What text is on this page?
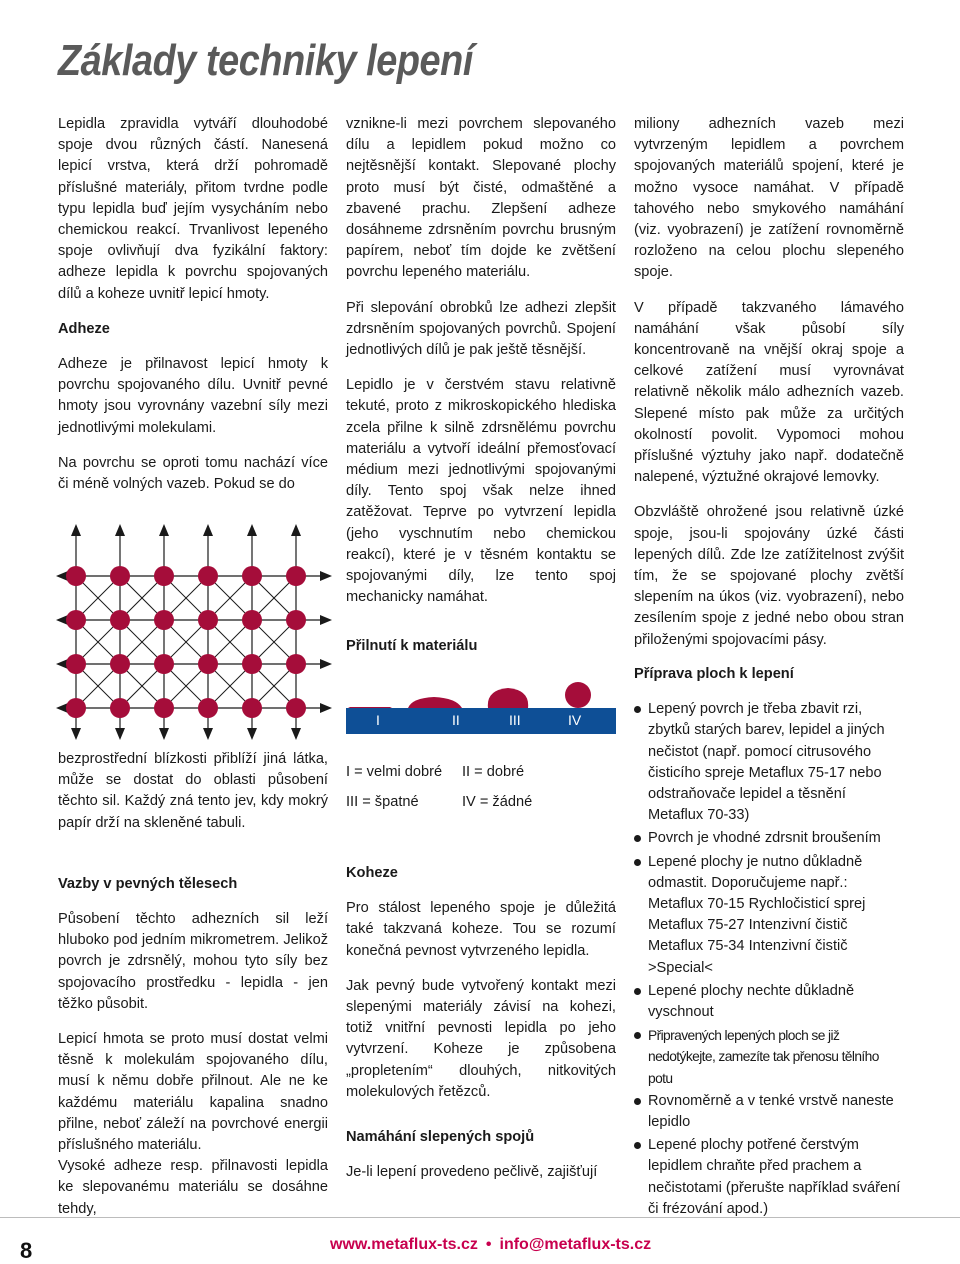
Základy techniky lepení

Lepidla zpravidla vytváří dlouhodobé spoje dvou různých částí. Nanesená lepicí vrstva, která drží pohromadě příslušné materiály, přitom tvrdne podle typu lepidla buď jejím vysycháním nebo chemickou reakcí. Trvanlivost lepeného spoje ovlivňují dva fyzikální faktory: adheze lepidla k povrchu spojovaných dílů a koheze uvnitř lepicí hmoty.

Adheze

Adheze je přilnavost lepicí hmoty k povrchu spojovaného dílu. Uvnitř pevné hmoty jsou vyrovnány vazební síly mezi jednotlivými molekulami.

Na povrchu se oproti tomu nachází více či méně volných vazeb. Pokud se do

bezprostřední blízkosti přiblíží jiná látka, může se dostat do oblasti působení těchto sil. Každý zná tento jev, kdy mokrý papír drží na skleněné tabuli.

Vazby v pevných tělesech

Působení těchto adhezních sil leží hluboko pod jedním mikrometrem. Jelikož povrch je zdrsnělý, mohou tyto síly bez spojovacího prostředku - lepidla - jen těžko působit.

Lepicí hmota se proto musí dostat velmi těsně k molekulám spojovaného dílu, musí k němu dobře přilnout. Ale ne ke každému materiálu kapalina snadno přilne, neboť záleží na povrchové energii příslušného materiálu.

Vysoké adheze resp. přilnavosti lepidla ke slepovanému materiálu se dosáhne tehdy,

vznikne-li mezi povrchem slepovaného dílu a lepidlem pokud možno co nejtěsnější kontakt. Slepované plochy proto musí být čisté, odmaštěné a zbavené prachu. Zlepšení adheze dosáhneme zdrsněním povrchu brusným papírem, neboť tím dojde ke zvětšení povrchu lepeného materiálu.

Při slepování obrobků lze adhezi zlepšit zdrsněním spojovaných povrchů. Spojení jednotlivých dílů je pak ještě těsnější.

Lepidlo je v čerstvém stavu relativně tekuté, proto z mikroskopického hlediska zcela přilne k silně zdrsnělému povrchu materiálu a vytvoří ideální přemosťovací médium mezi jednotlivými spojovanými díly. Tento spoj však nelze ihned zatěžovat. Teprve po vytvrzení lepidla (jeho vyschnutím nebo chemickou reakcí), které je v těsném kontaktu se spojovanými díly, lze tento spoj mechanicky namáhat.

Přilnutí k materiálu
I	II	III	IV
I = velmi dobré II = dobré
III = špatné	IV = žádné
Koheze

Pro stálost lepeného spoje je důležitá také takzvaná koheze. Tou se rozumí konečná pevnost vytvrzeného lepidla.

Jak pevný bude vytvořený kontakt mezi slepenými materiály závisí na kohezi, totiž vnitřní pevnosti lepidla po jeho vytvrzení. Koheze je způsobena „propletením“ dlouhých, nitkovitých molekulových řetězců.

Namáhání slepených spojů

Je-li lepení provedeno pečlivě, zajišťují

miliony adhezních vazeb mezi vytvrzeným lepidlem a povrchem spojovaných materiálů spojení, které je možno vysoce namáhat. V případě tahového nebo smykového namáhání (viz. vyobrazení) je zatížení rovnoměrně rozloženo na celou plochu slepeného spoje.

V případě takzvaného lámavého namáhání však působí síly koncentrovaně na vnější okraj spoje a celkové zatížení musí vyrovnávat relativně několik málo adhezních vazeb. Slepené místo pak může za určitých okolností povolit. Vypomoci mohou příslušné výztuhy jako např. dodatečně nalepené, výztužné okrajové lemovky.

Obzvláště ohrožené jsou relativně úzké spoje, jsou-li spojovány úzké části lepených dílů. Zde lze zatížitelnost zvýšit tím, že se spojované plochy zvětší slepením na úkos (viz. vyobrazení), nebo zesílením spoje z jedné nebo obou stran přiloženými spojovacími pásy.

Příprava ploch k lepení
Lepený povrch je třeba zbavit rzi, zbytků starých barev, lepidel a jiných nečistot (např. pomocí citrusového čisticího spreje Metaflux 75-17 nebo odstraňovače lepidel a těsnění Metaflux 70-33)
Povrch je vhodné zdrsnit broušením
Lepené plochy je nutno důkladně odmastit. Doporučujeme např.:
Metaflux 70-15 Rychločisticí sprej
Metaflux 75-27 Intenzivní čistič
Metaflux 75-34 Intenzivní čistič >Special<
Lepené plochy nechte důkladně vyschnout
Připravených lepených ploch se již nedotýkejte, zamezíte tak přenosu tělního potu
Rovnoměrně a v tenké vrstvě naneste lepidlo
Lepené plochy potřené čerstvým lepidlem chraňte před prachem a nečistotami (přerušte například sváření či frézování apod.)
8	www.metaflux-ts.cz • info@metaflux-ts.cz
